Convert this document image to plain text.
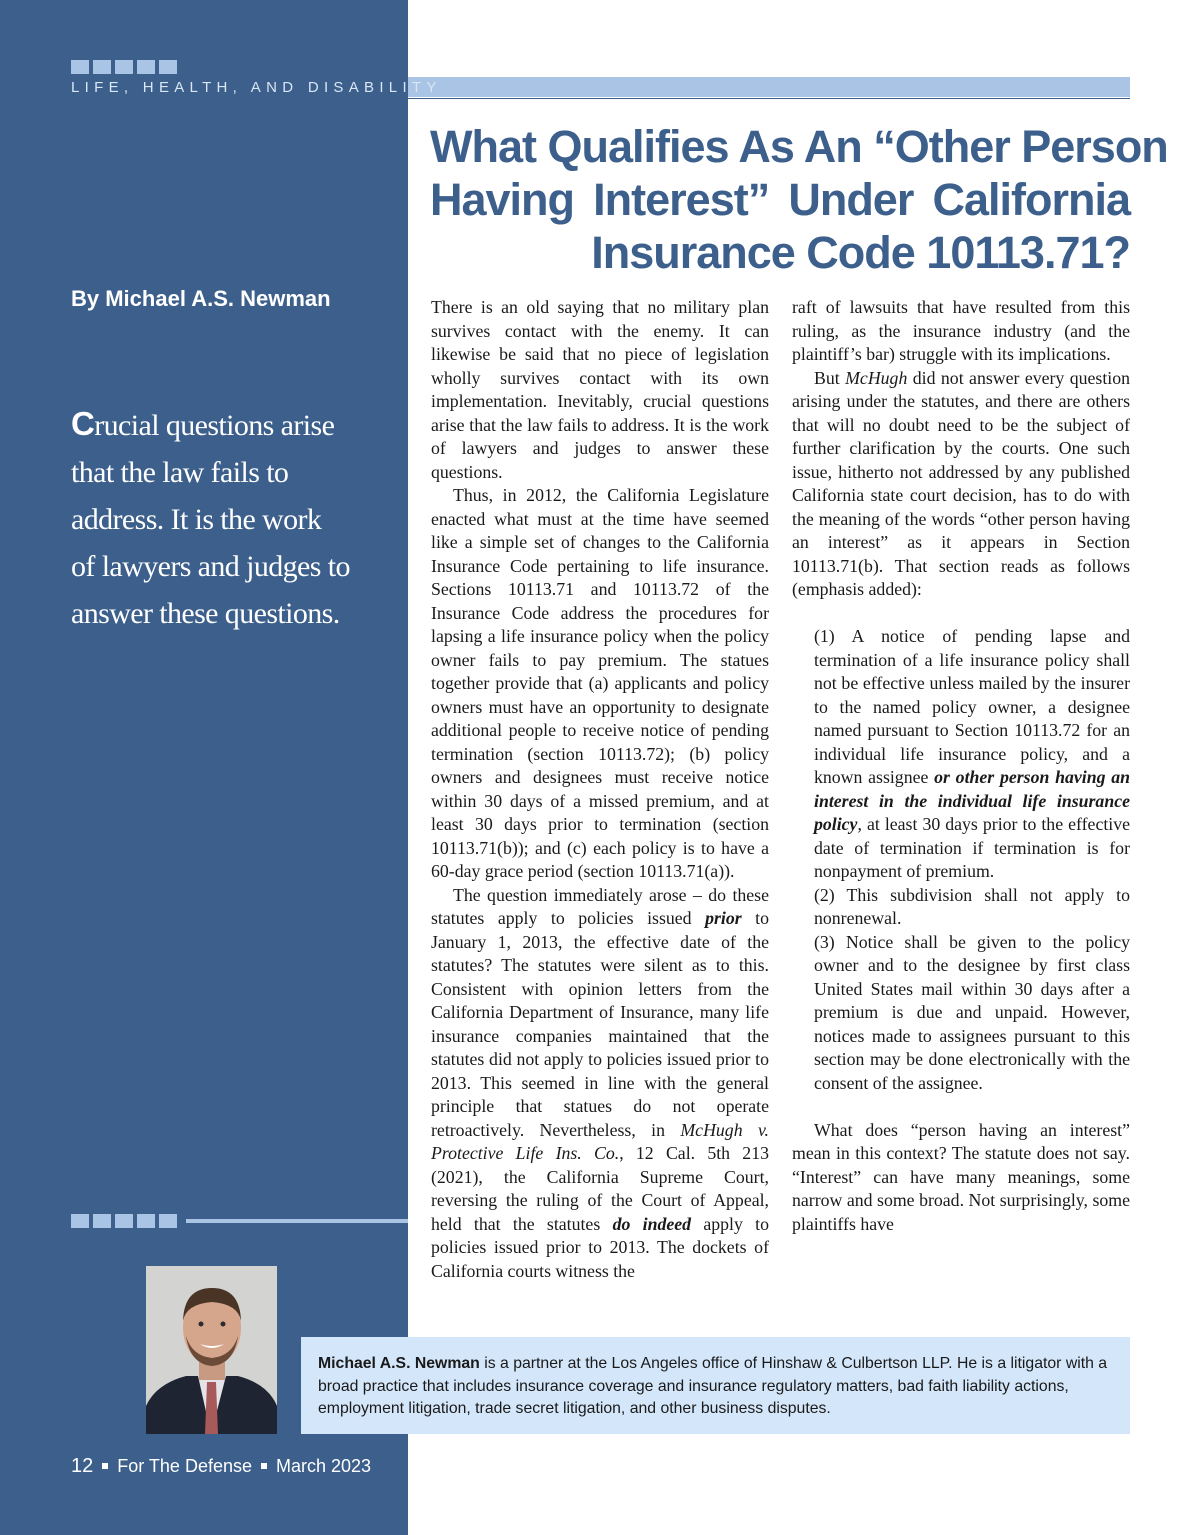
LIFE, HEALTH, AND DISABILITY
What Qualifies As An “Other Person
Having Interest” Under California
Insurance Code 10113.71?
By Michael A.S. Newman
Crucial questions arise
that the law fails to
address. It is the work
of lawyers and judges to
answer these questions.

There is an old saying that no military plan survives contact with the enemy. It can likewise be said that no piece of legislation wholly survives contact with its own implementation. Inevitably, crucial questions arise that the law fails to address. It is the work of lawyers and judges to answer these questions.

Thus, in 2012, the California Legislature enacted what must at the time have seemed like a simple set of changes to the California Insurance Code pertaining to life insurance. Sections 10113.71 and 10113.72 of the Insurance Code address the procedures for lapsing a life insurance policy when the policy owner fails to pay premium. The statues together provide that (a) applicants and policy owners must have an opportunity to designate additional people to receive notice of pending termination (section 10113.72); (b) policy owners and designees must receive notice within 30 days of a missed premium, and at least 30 days prior to termination (section 10113.71(b)); and (c) each policy is to have a 60-day grace period (section 10113.71(a)).

The question immediately arose – do these statutes apply to policies issued prior to January 1, 2013, the effective date of the statutes? The statutes were silent as to this. Consistent with opinion letters from the California Department of Insurance, many life insurance companies maintained that the statutes did not apply to policies issued prior to 2013. This seemed in line with the general principle that statues do not operate retroactively. Nevertheless, in McHugh v. Protective Life Ins. Co., 12 Cal. 5th 213 (2021), the California Supreme Court, reversing the ruling of the Court of Appeal, held that the statutes do indeed apply to policies issued prior to 2013. The dockets of California courts witness the

raft of lawsuits that have resulted from this ruling, as the insurance industry (and the plaintiff’s bar) struggle with its implications.

But McHugh did not answer every question arising under the statutes, and there are others that will no doubt need to be the subject of further clarification by the courts. One such issue, hitherto not addressed by any published California state court decision, has to do with the meaning of the words “other person having an interest” as it appears in Section 10113.71(b). That section reads as follows (emphasis added):

(1) A notice of pending lapse and termination of a life insurance policy shall not be effective unless mailed by the insurer to the named policy owner, a designee named pursuant to Section 10113.72 for an individual life insurance policy, and a known assignee or other person having an interest in the individual life insurance policy, at least 30 days prior to the effective date of termination if termination is for nonpayment of premium.

(2) This subdivision shall not apply to nonrenewal.

(3) Notice shall be given to the policy owner and to the designee by first class United States mail within 30 days after a premium is due and unpaid. However, notices made to assignees pursuant to this section may be done electronically with the consent of the assignee.

What does “person having an interest” mean in this context? The statute does not say. “Interest” can have many meanings, some narrow and some broad. Not surprisingly, some plaintiffs have

Michael A.S. Newman is a partner at the Los Angeles office of Hinshaw & Culbertson LLP. He is a litigator with a broad practice that includes insurance coverage and insurance regulatory matters, bad faith liability actions, employment litigation, trade secret litigation, and other business disputes.

12 For The Defense March 2023
